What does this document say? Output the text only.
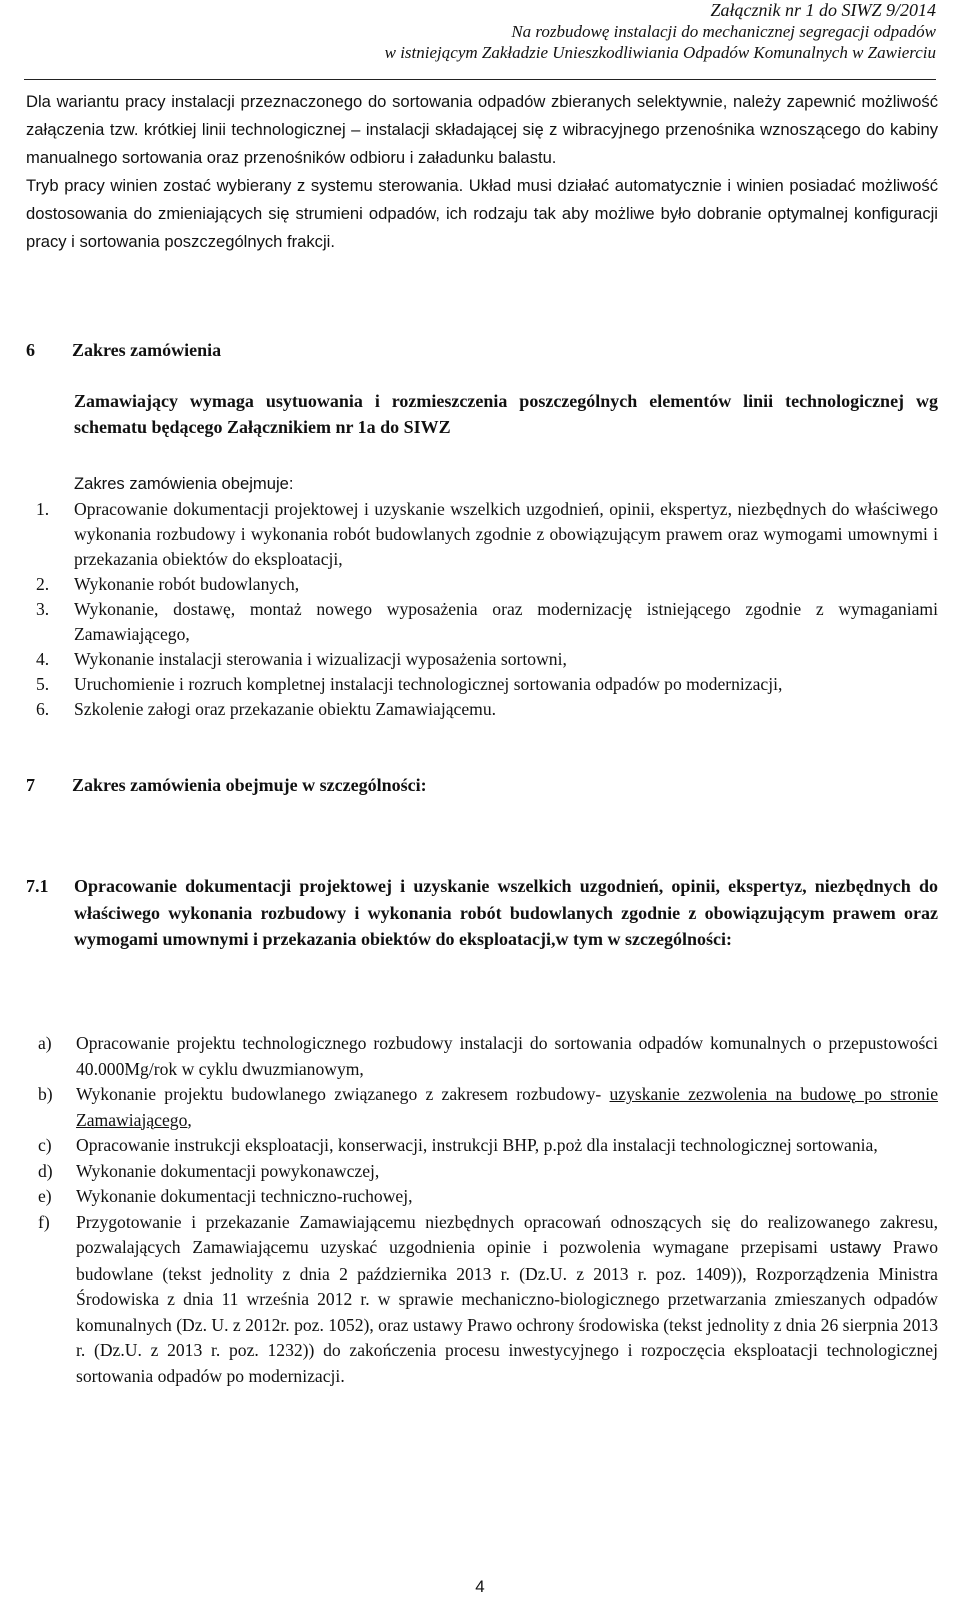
Załącznik nr 1 do SIWZ 9/2014
Na rozbudowę instalacji do mechanicznej segregacji odpadów
w istniejącym Zakładzie Unieszkodliwiania Odpadów Komunalnych w Zawierciu

Dla wariantu pracy instalacji przeznaczonego do sortowania odpadów zbieranych selektywnie, należy zapewnić możliwość załączenia tzw. krótkiej linii technologicznej – instalacji składającej się z wibracyjnego przenośnika wznoszącego do kabiny manualnego sortowania oraz przenośników odbioru i załadunku balastu.

Tryb pracy winien zostać wybierany z systemu sterowania. Układ musi działać automatycznie i winien posiadać możliwość dostosowania do zmieniających się strumieni odpadów, ich rodzaju tak aby możliwe było dobranie optymalnej konfiguracji pracy i sortowania poszczególnych frakcji.

6 Zakres zamówienia
Zamawiający wymaga usytuowania i rozmieszczenia poszczególnych elementów linii technologicznej wg schematu będącego Załącznikiem nr 1a do SIWZ
Zakres zamówienia obejmuje:
1.	Opracowanie dokumentacji projektowej i uzyskanie wszelkich uzgodnień, opinii, ekspertyz, niezbędnych do właściwego wykonania rozbudowy i wykonania robót budowlanych zgodnie z obowiązującym prawem oraz wymogami umownymi i przekazania obiektów do eksploatacji,
2.	Wykonanie robót budowlanych,
3.	Wykonanie, dostawę, montaż nowego wyposażenia oraz modernizację istniejącego zgodnie z wymaganiami Zamawiającego,
4.	Wykonanie instalacji sterowania i wizualizacji wyposażenia sortowni,
5.	Uruchomienie i rozruch kompletnej instalacji technologicznej sortowania odpadów po modernizacji,
6.	Szkolenie załogi oraz przekazanie obiektu Zamawiającemu.
7 Zakres zamówienia obejmuje w szczególności:
7.1	Opracowanie dokumentacji projektowej i uzyskanie wszelkich uzgodnień, opinii, ekspertyz, niezbędnych do właściwego wykonania rozbudowy i wykonania robót budowlanych zgodnie z obowiązującym prawem oraz wymogami umownymi i przekazania obiektów do eksploatacji,w tym w szczególności:
a)	Opracowanie projektu technologicznego rozbudowy instalacji do sortowania odpadów komunalnych o przepustowości 40.000Mg/rok w cyklu dwuzmianowym,
b)	Wykonanie projektu budowlanego związanego z zakresem rozbudowy- uzyskanie zezwolenia na budowę po stronie Zamawiającego,
c)	Opracowanie instrukcji eksploatacji, konserwacji, instrukcji BHP, p.poż dla instalacji technologicznej sortowania,
d)	Wykonanie dokumentacji powykonawczej,
e)	Wykonanie dokumentacji techniczno-ruchowej,
f)	Przygotowanie i przekazanie Zamawiającemu niezbędnych opracowań odnoszących się do realizowanego zakresu, pozwalających Zamawiającemu uzyskać uzgodnienia opinie i pozwolenia wymagane przepisami ustawy Prawo budowlane (tekst jednolity z dnia 2 października 2013 r. (Dz.U. z 2013 r. poz. 1409)), Rozporządzenia Ministra Środowiska z dnia 11 września 2012 r. w sprawie mechaniczno-biologicznego przetwarzania zmieszanych odpadów komunalnych (Dz. U. z 2012r. poz. 1052), oraz ustawy Prawo ochrony środowiska (tekst jednolity z dnia 26 sierpnia 2013 r. (Dz.U. z 2013 r. poz. 1232)) do zakończenia procesu inwestycyjnego i rozpoczęcia eksploatacji technologicznej sortowania odpadów po modernizacji.
4
